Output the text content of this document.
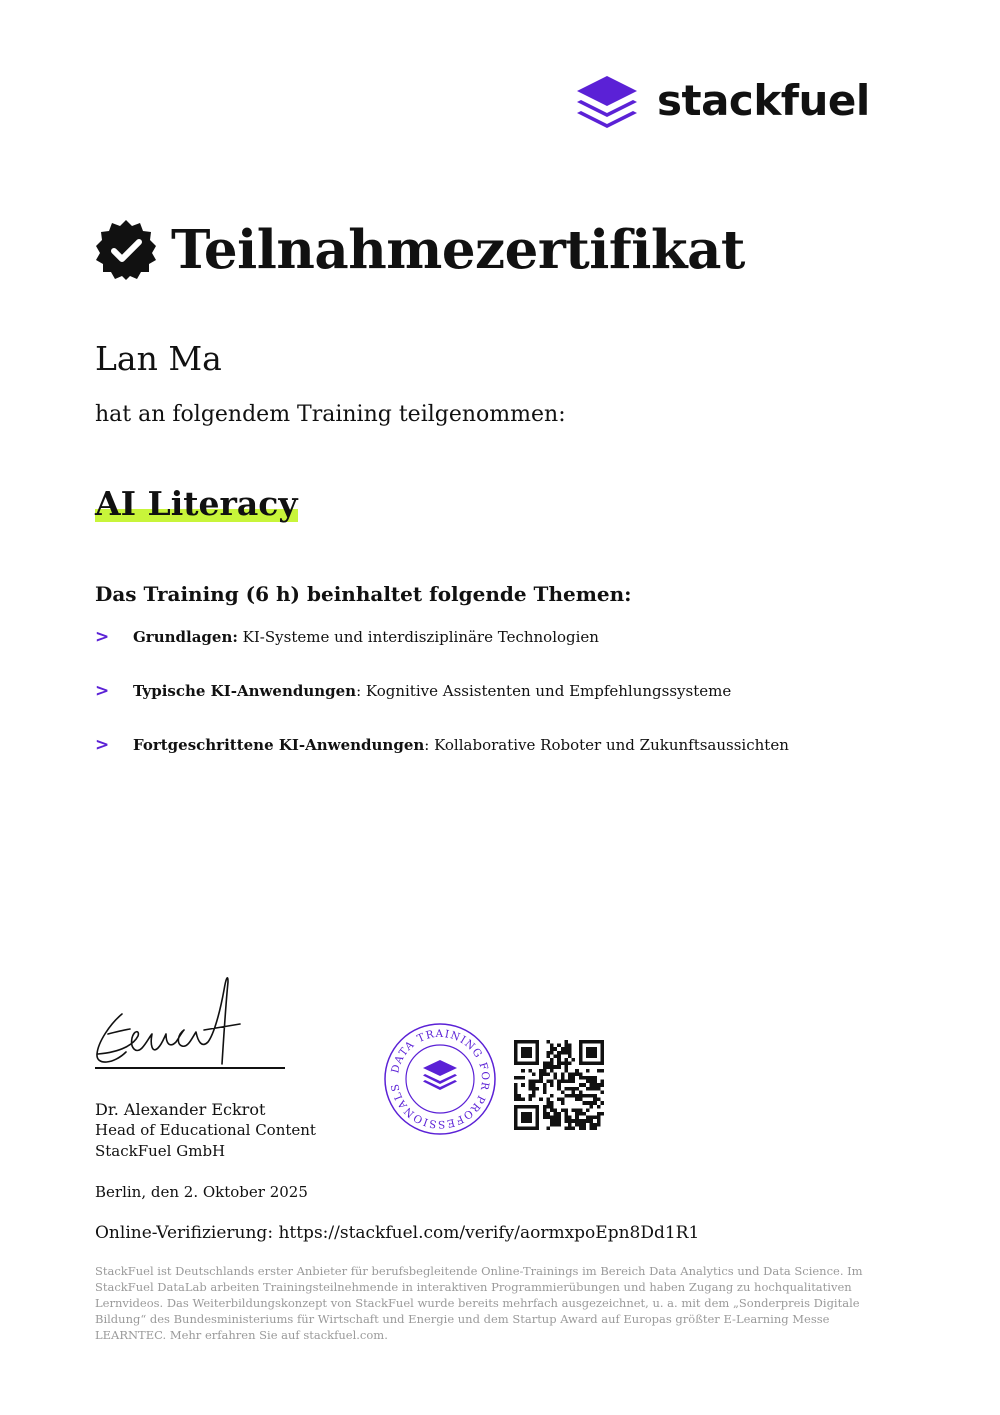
stackfuel
Teilnahmezertifikat
Lan Ma
hat an folgendem Training teilgenommen:
AI Literacy
Das Training (6 h) beinhaltet folgende Themen:
>	Grundlagen: KI-Systeme und interdisziplinäre Technologien
>	Typische KI-Anwendungen: Kognitive Assistenten und Empfehlungssysteme
>	Fortgeschrittene KI-Anwendungen: Kollaborative Roboter und Zukunftsaussichten
Dr. Alexander Eckrot
Head of Educational Content
StackFuel GmbH
DATA TRAINING FOR PROFESSIONALS
Berlin, den 2. Oktober 2025
Online-Verifizierung: https://stackfuel.com/verify/aormxpoEpn8Dd1R1
StackFuel ist Deutschlands erster Anbieter für berufsbegleitende Online-Trainings im Bereich Data Analytics und Data Science. Im StackFuel DataLab arbeiten Trainingsteilnehmende in interaktiven Programmierübungen und haben Zugang zu hochqualitativen Lernvideos. Das Weiterbildungskonzept von StackFuel wurde bereits mehrfach ausgezeichnet, u. a. mit dem „Sonderpreis Digitale Bildung“ des Bundesministeriums für Wirtschaft und Energie und dem Startup Award auf Europas größter E-Learning Messe LEARNTEC. Mehr erfahren Sie auf stackfuel.com.
